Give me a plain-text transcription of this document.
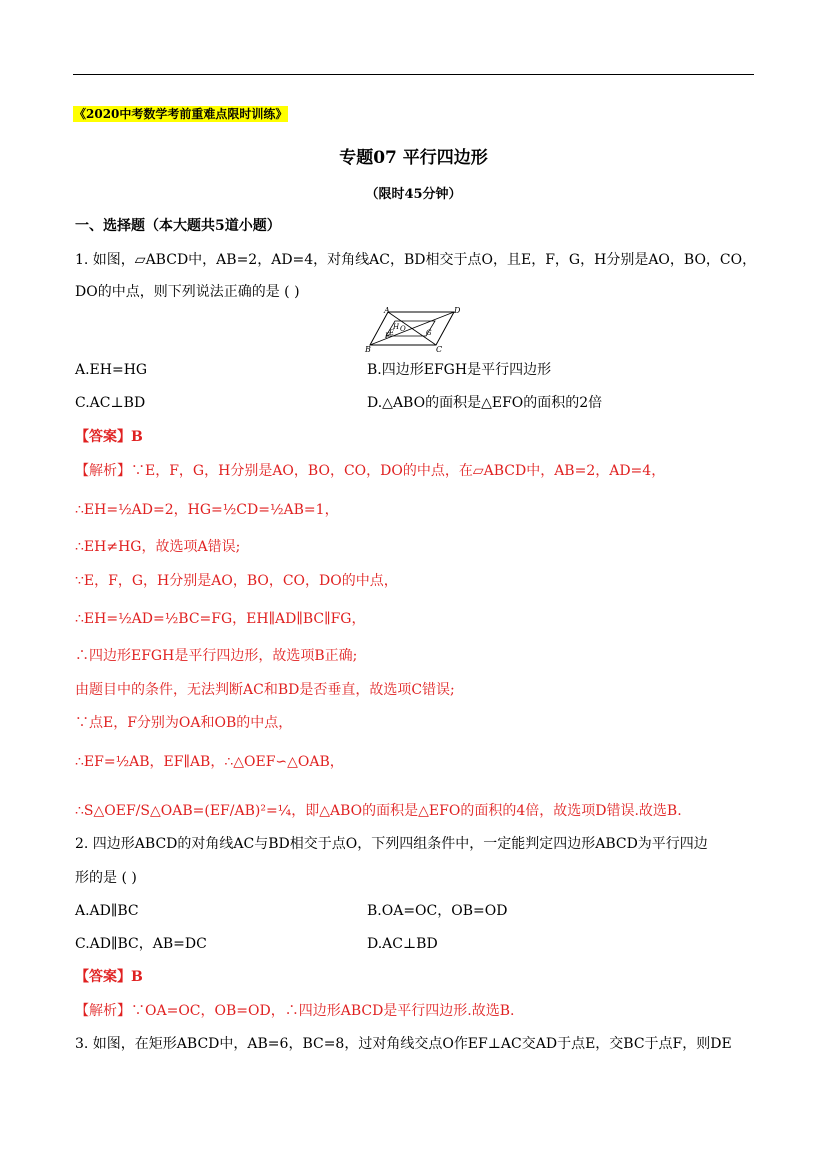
《2020中考数学考前重难点限时训练》
专题07 平行四边形
（限时45分钟）
一、选择题（本大题共5道小题）
1. 如图，▱ABCD中，AB=2，AD=4，对角线AC，BD相交于点O，且E，F，G，H分别是AO，BO，CO，
DO的中点，则下列说法正确的是 ( )
A	D
B	C
H O
E
F	G
A.EH=HG	B.四边形EFGH是平行四边形
C.AC⊥BD	D.△ABO的面积是△EFO的面积的2倍
【答案】B
【解析】∵E，F，G，H分别是AO，BO，CO，DO的中点，在▱ABCD中，AB=2，AD=4，
∴EH=½AD=2，HG=½CD=½AB=1，
∴EH≠HG，故选项A错误;
∵E，F，G，H分别是AO，BO，CO，DO的中点，
∴EH=½AD=½BC=FG，EH∥AD∥BC∥FG，
∴四边形EFGH是平行四边形，故选项B正确;
由题目中的条件，无法判断AC和BD是否垂直，故选项C错误;
∵点E，F分别为OA和OB的中点，
∴EF=½AB，EF∥AB，∴△OEF∽△OAB，
∴S△OEF/S△OAB=(EF/AB)²=¼，即△ABO的面积是△EFO的面积的4倍，故选项D错误.故选B.
2. 四边形ABCD的对角线AC与BD相交于点O，下列四组条件中，一定能判定四边形ABCD为平行四边
形的是 ( )
A.AD∥BC	B.OA=OC，OB=OD
C.AD∥BC，AB=DC	D.AC⊥BD
【答案】B
【解析】∵OA=OC，OB=OD，∴四边形ABCD是平行四边形.故选B.
3. 如图，在矩形ABCD中，AB=6，BC=8，过对角线交点O作EF⊥AC交AD于点E，交BC于点F，则DE
